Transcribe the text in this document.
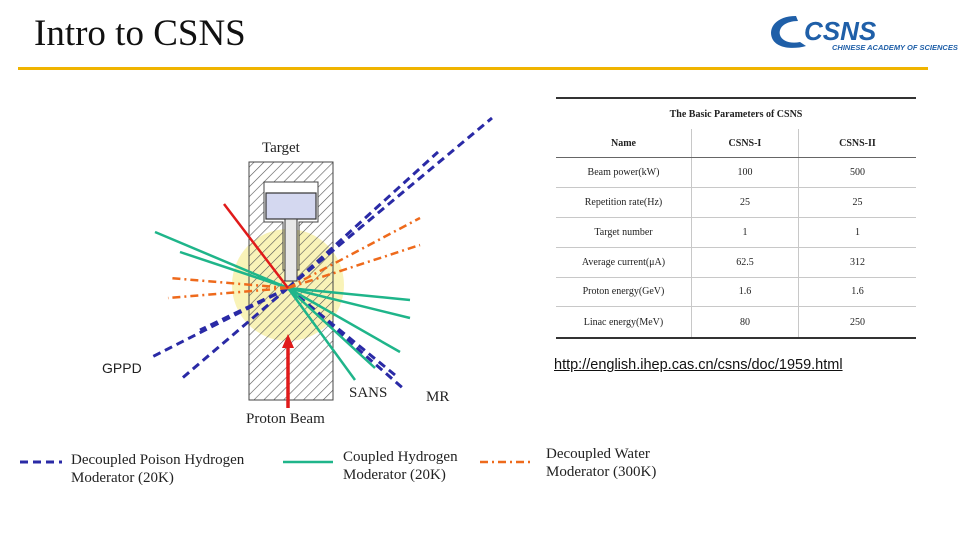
Intro to CSNS	CSNS
CHINESE ACADEMY OF SCIENCES
Target
GPPD
SANS	MR
Proton Beam
Decoupled Poison Hydrogen
Moderator (20K)
Coupled Hydrogen
Moderator (20K)
Decoupled Water
Moderator (300K)
The Basic Parameters of CSNS		
Name	CSNS-I	CSNS-II
Beam power(kW)	100	500
Repetition rate(Hz)	25	25
Target number	1	1
Average current(μA)	62.5	312
Proton energy(GeV)	1.6	1.6
Linac energy(MeV)	80	250
http://english.ihep.cas.cn/csns/doc/1959.html
